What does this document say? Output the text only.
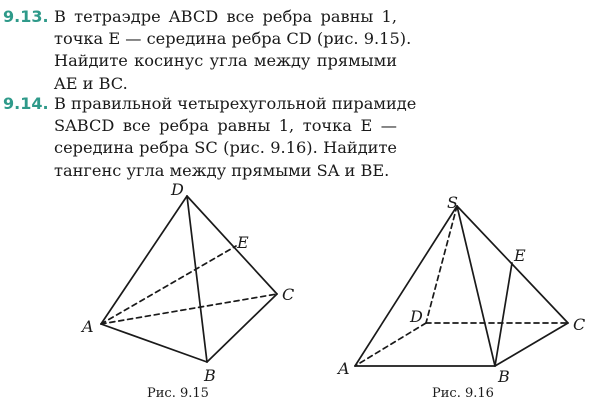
9.13. В тетраэдре ABCD все ребра равны 1,
точка E — середина ребра CD (рис. 9.15).
Найдите косинус угла между прямыми
AE и BC.
9.14. В правильной четырехугольной пирамиде
SABCD все ребра равны 1, точка E —
середина ребра SC (рис. 9.16). Найдите
тангенс угла между прямыми SA и BE.
D
E
C
A
B
Рис. 9.15
S
E
D	C
A	B
Рис. 9.16
